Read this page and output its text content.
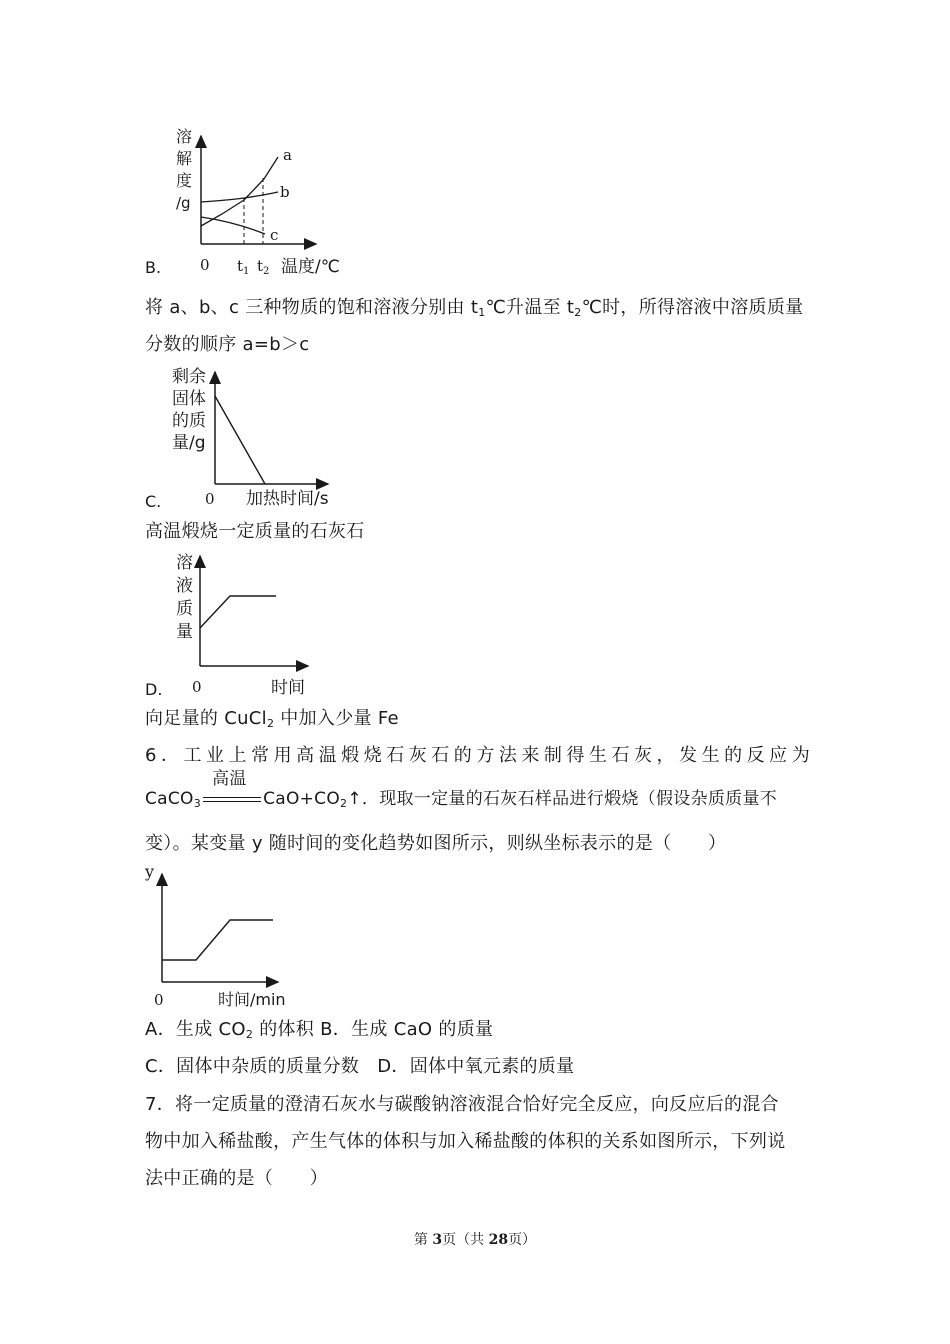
溶
解
度
/g
a
b
c
0 $t_1$ $t_2$ 温度/℃
B.
将 a、b、c 三种物质的饱和溶液分别由 $t_1℃$升温至 $t_2℃$时，所得溶液中溶质质量
分数的顺序 a=b＞c
剩余
固体
的质
量/g
0 加热时间/s
C.
高温煅烧一定质量的石灰石
溶
液
质
量
0	时间
D.
向足量的 CuCl$_2$ 中加入少量 Fe
6．工业上常用高温煅烧石灰石的方法来制得生石灰，发生的反应为
CaCO$_3$
高温
$CaO+CO_2↑$．现取一定量的石灰石样品进行煅烧（假设杂质质量不
变）。某变量 y 随时间的变化趋势如图所示，则纵坐标表示的是（　　）
y
0	时间/min
A．生成 $CO_2$ 的体积 B．生成 CaO 的质量
C．固体中杂质的质量分数   D．固体中氧元素的质量
7．将一定质量的澄清石灰水与碳酸钠溶液混合恰好完全反应，向反应后的混合
物中加入稀盐酸，产生气体的体积与加入稀盐酸的体积的关系如图所示，下列说
法中正确的是（　　）
第 3页（共 28页）
